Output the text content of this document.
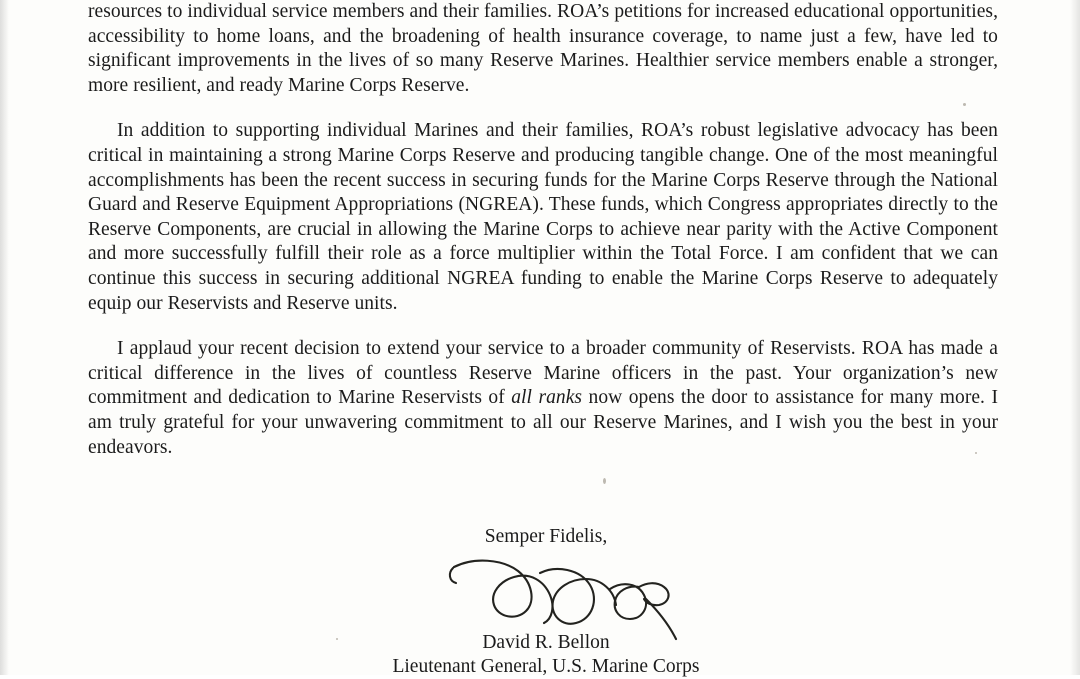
resources to individual service members and their families. ROA’s petitions for increased educational opportunities, accessibility to home loans, and the broadening of health insurance coverage, to name just a few, have led to significant improvements in the lives of so many Reserve Marines. Healthier service members enable a stronger, more resilient, and ready Marine Corps Reserve.

In addition to supporting individual Marines and their families, ROA’s robust legislative advocacy has been critical in maintaining a strong Marine Corps Reserve and producing tangible change. One of the most meaningful accomplishments has been the recent success in securing funds for the Marine Corps Reserve through the National Guard and Reserve Equipment Appropriations (NGREA). These funds, which Congress appropriates directly to the Reserve Components, are crucial in allowing the Marine Corps to achieve near parity with the Active Component and more successfully fulfill their role as a force multiplier within the Total Force. I am confident that we can continue this success in securing additional NGREA funding to enable the Marine Corps Reserve to adequately equip our Reservists and Reserve units.

I applaud your recent decision to extend your service to a broader community of Reservists. ROA has made a critical difference in the lives of countless Reserve Marine officers in the past. Your organization’s new commitment and dedication to Marine Reservists of all ranks now opens the door to assistance for many more. I am truly grateful for your unwavering commitment to all our Reserve Marines, and I wish you the best in your endeavors.

Semper Fidelis,
David R. Bellon
Lieutenant General, U.S. Marine Corps
